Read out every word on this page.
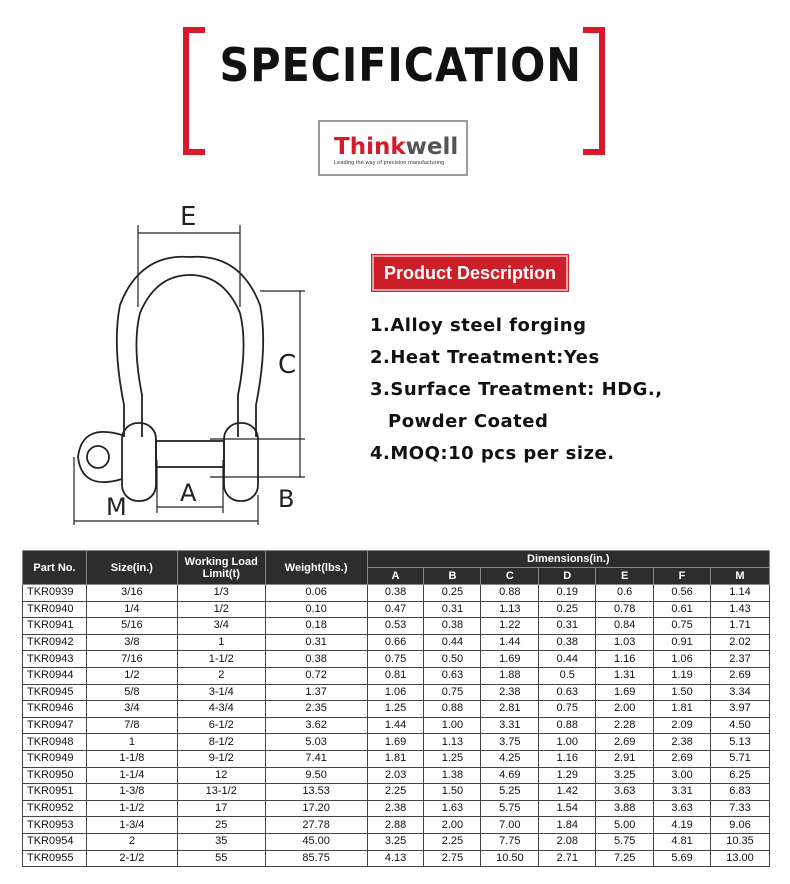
SPECIFICATION
Thinkwell
Leading the way of precision manufacturing
E
C
A	B
M
Product Description
1.Alloy steel forging
2.Heat Treatment:Yes
3.Surface Treatment: HDG.,
Powder Coated
4.MOQ:10 pcs per size.
Part No.	Size(in.)	Working Load Limit(t)	Weight(lbs.)	Dimensions(in.)						
				A	B	C	D	E	F	M
TKR0939	3/16	1/3	0.06	0.38	0.25	0.88	0.19	0.6	0.56	1.14
TKR0940	1/4	1/2	0.10	0.47	0.31	1.13	0.25	0.78	0.61	1.43
TKR0941	5/16	3/4	0.18	0.53	0.38	1.22	0.31	0.84	0.75	1.71
TKR0942	3/8	1	0.31	0.66	0.44	1.44	0.38	1.03	0.91	2.02
TKR0943	7/16	1-1/2	0.38	0.75	0.50	1.69	0.44	1.16	1.06	2.37
TKR0944	1/2	2	0.72	0.81	0.63	1.88	0.5	1.31	1.19	2.69
TKR0945	5/8	3-1/4	1.37	1.06	0.75	2.38	0.63	1.69	1.50	3.34
TKR0946	3/4	4-3/4	2.35	1.25	0.88	2.81	0.75	2.00	1.81	3.97
TKR0947	7/8	6-1/2	3.62	1.44	1.00	3.31	0.88	2.28	2.09	4.50
TKR0948	1	8-1/2	5.03	1.69	1.13	3.75	1.00	2.69	2.38	5.13
TKR0949	1-1/8	9-1/2	7.41	1.81	1.25	4.25	1.16	2.91	2.69	5.71
TKR0950	1-1/4	12	9.50	2.03	1.38	4.69	1.29	3.25	3.00	6.25
TKR0951	1-3/8	13-1/2	13.53	2.25	1.50	5.25	1.42	3.63	3.31	6.83
TKR0952	1-1/2	17	17.20	2.38	1.63	5.75	1.54	3.88	3.63	7.33
TKR0953	1-3/4	25	27.78	2.88	2.00	7.00	1.84	5.00	4.19	9.06
TKR0954	2	35	45.00	3.25	2.25	7.75	2.08	5.75	4.81	10.35
TKR0955	2-1/2	55	85.75	4.13	2.75	10.50	2.71	7.25	5.69	13.00
